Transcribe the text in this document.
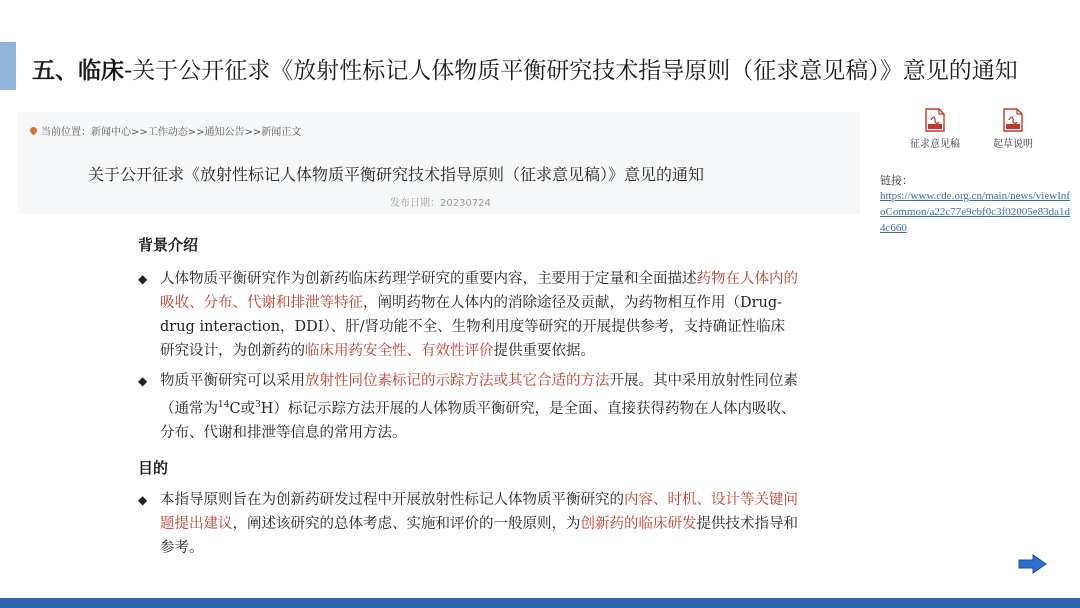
五、临床-关于公开征求《放射性标记人体物质平衡研究技术指导原则（征求意见稿）》意见的通知
当前位置：新闻中心>>工作动态>>通知公告>>新闻正文
关于公开征求《放射性标记人体物质平衡研究技术指导原则（征求意见稿）》意见的通知
发布日期：20230724
征求意见稿	起草说明
链接：
https://www.cde.org.cn/main/news/viewInfoCommon/a22c77e9cbf0c3f02005e83da1d4c660
背景介绍
◆ 人体物质平衡研究作为创新药临床药理学研究的重要内容，主要用于定量和全面描述药物在人体内的吸收、分布、代谢和排泄等特征，阐明药物在人体内的消除途径及贡献，为药物相互作用（Drug-drug interaction，DDI）、肝/肾功能不全、生物利用度等研究的开展提供参考，支持确证性临床研究设计，为创新药的临床用药安全性、有效性评价提供重要依据。
◆ 物质平衡研究可以采用放射性同位素标记的示踪方法或其它合适的方法开展。其中采用放射性同位素（通常为$^{14}$C或$^3$H）标记示踪方法开展的人体物质平衡研究，是全面、直接获得药物在人体内吸收、分布、代谢和排泄等信息的常用方法。
目的
◆ 本指导原则旨在为创新药研发过程中开展放射性标记人体物质平衡研究的内容、时机、设计等关键问题提出建议，阐述该研究的总体考虑、实施和评价的一般原则，为创新药的临床研发提供技术指导和参考。
